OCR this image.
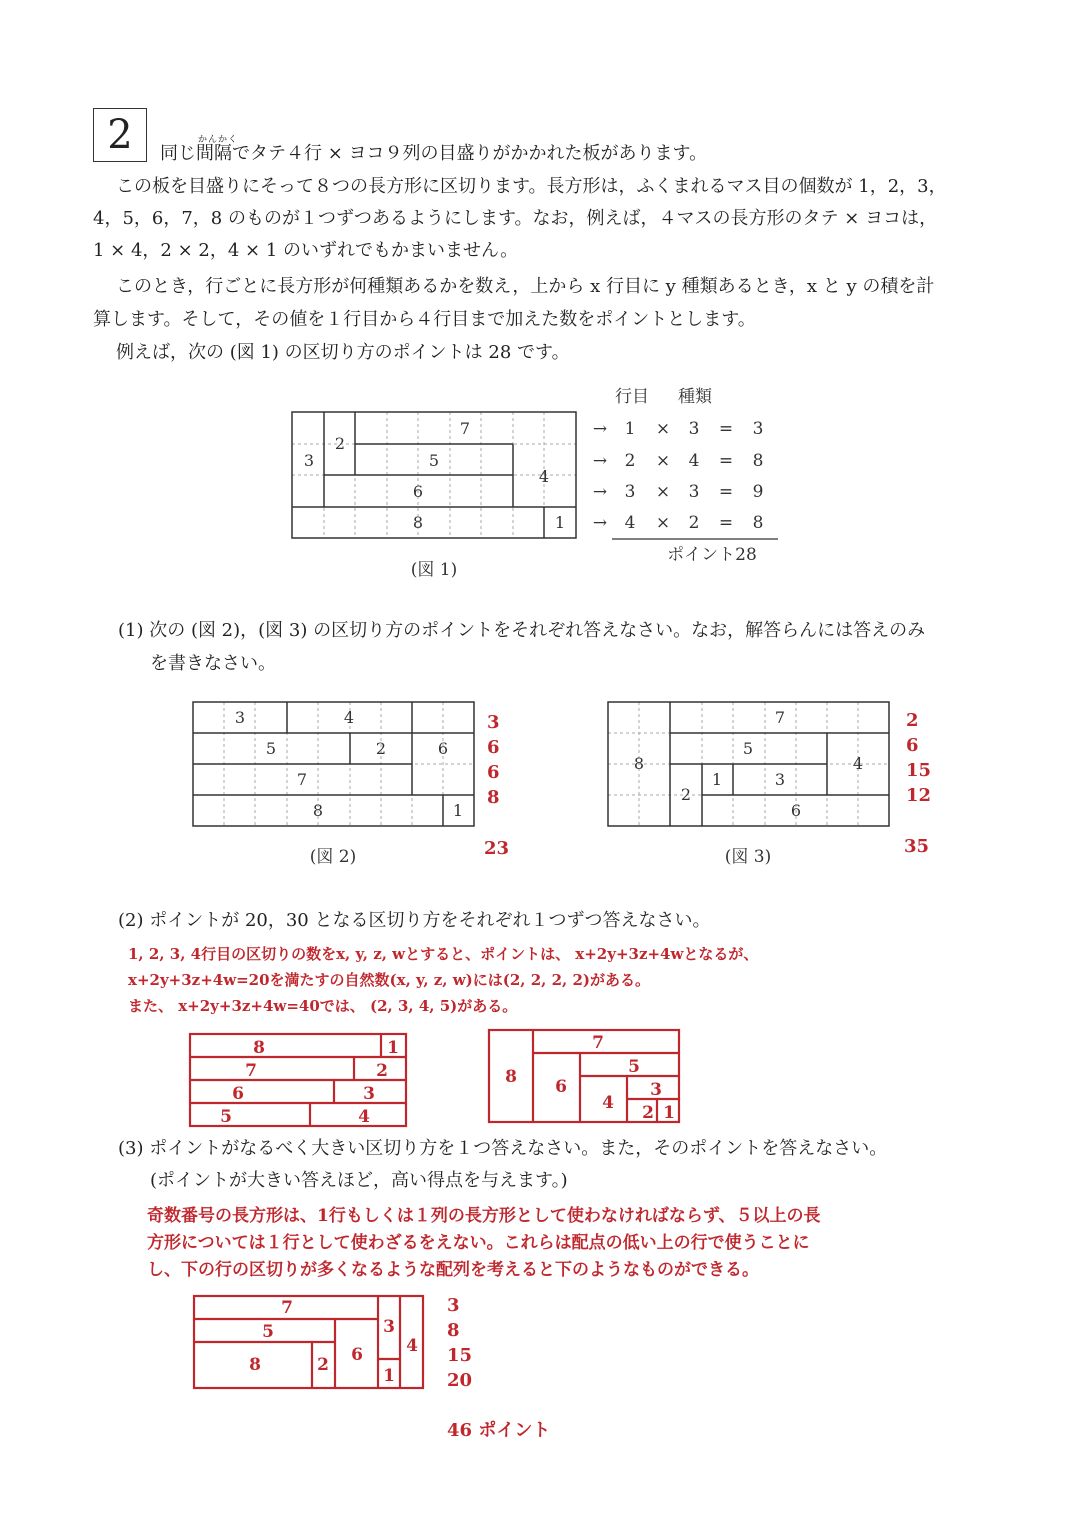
2	かんかく
同じ間隔でタテ４行 × ヨコ９列の目盛りがかかれた板があります。
この板を目盛りにそって８つの長方形に区切ります。長方形は，ふくまれるマス目の個数が 1，2，3，
4，5，6，7，8 のものが１つずつあるようにします。なお，例えば，４マスの長方形のタテ × ヨコは，
1 × 4，2 × 2，4 × 1 のいずれでもかまいません。
このとき，行ごとに長方形が何種類あるかを数え，上から x 行目に y 種類あるとき，x と y の積を計
算します。そして，その値を１行目から４行目まで加えた数をポイントとします。
例えば，次の (図 1) の区切り方のポイントは 28 です。
7
2
3	5
4
6
8	1
行目 種類
→ 1 × 3 = 3
→ 2 × 4 = 8
→ 3 × 3 = 9
→ 4 × 2 = 8
ポイント28
(図 1)
(1) 次の (図 2)，(図 3) の区切り方のポイントをそれぞれ答えなさい。なお，解答らんには答えのみ
を書きなさい。
3	4
5	2	6
7
8	1
(図 2)
3
6
6
8
23
7
8
5
4
1	3
2
6
(図 3)
2
6
15
12
35
(2) ポイントが 20，30 となる区切り方をそれぞれ１つずつ答えなさい。
1, 2, 3, 4行目の区切りの数をx, y, z, wとすると、ポイントは、 x+2y+3z+4wとなるが、
x+2y+3z+4w=20を満たすの自然数(x, y, z, w)には(2, 2, 2, 2)がある。
また、 x+2y+3z+4w=40では、 (2, 3, 4, 5)がある。
8	1
7	2
6	3
5	4
7
8	5
6	3
4 2 1
(3) ポイントがなるべく大きい区切り方を１つ答えなさい。また，そのポイントを答えなさい。
(ポイントが大きい答えほど，高い得点を与えます。)
奇数番号の長方形は、1行もしくは１列の長方形として使わなければならず、５以上の長
方形については１行として使わざるをえない。これらは配点の低い上の行で使うことに
し、下の行の区切りが多くなるような配列を考えると下のようなものができる。
7
5	3
4
8	2 6
1
3
8
15
20
46 ポイント
